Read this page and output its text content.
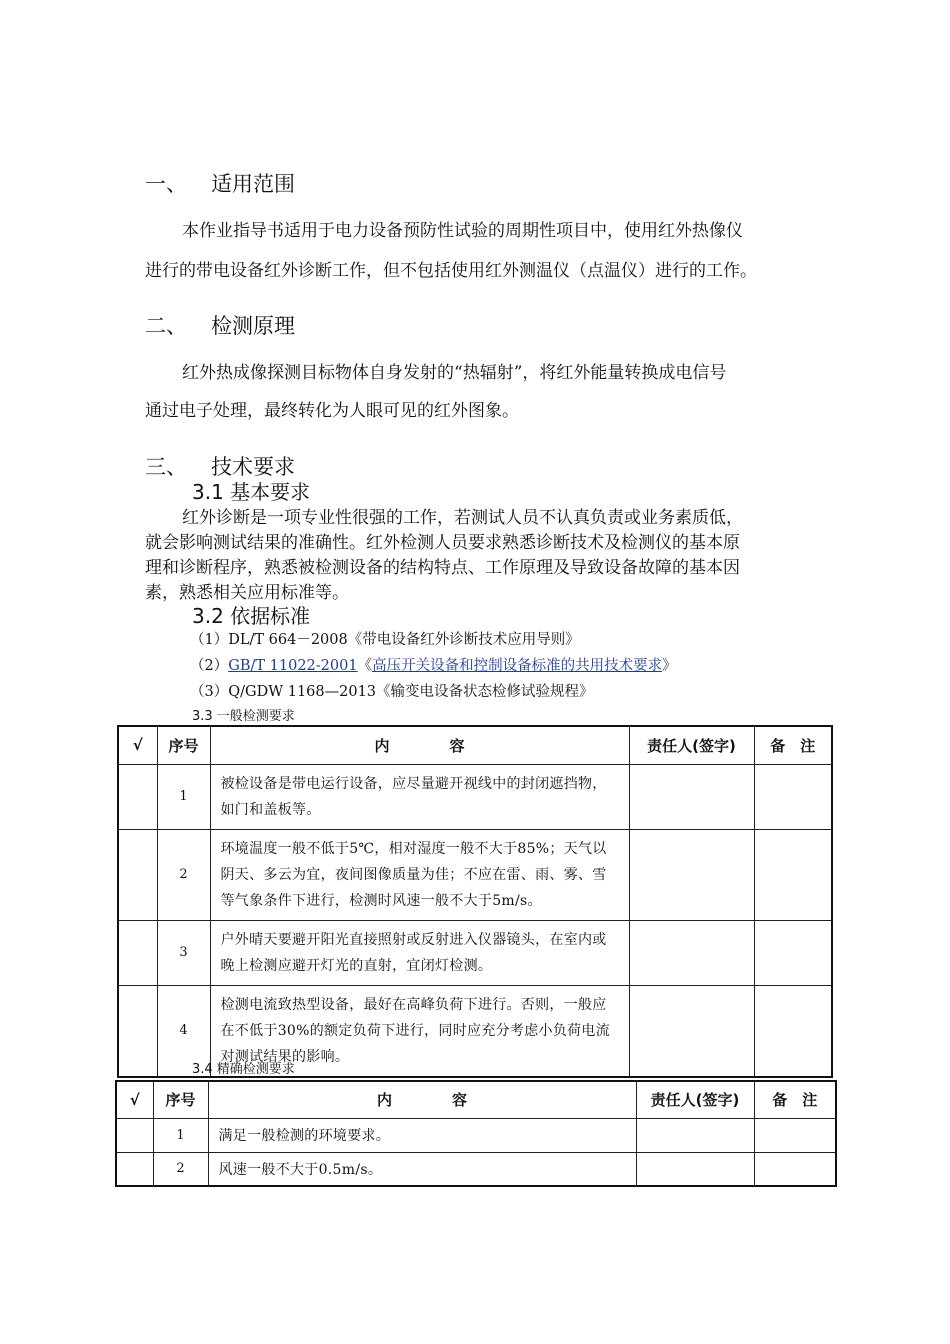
一、 适用范围
本作业指导书适用于电力设备预防性试验的周期性项目中，使用红外热像仪
进行的带电设备红外诊断工作，但不包括使用红外测温仪（点温仪）进行的工作。
二、 检测原理
红外热成像探测目标物体自身发射的“热辐射”，将红外能量转换成电信号
通过电子处理，最终转化为人眼可见的红外图象。
三、 技术要求
3.1 基本要求
红外诊断是一项专业性很强的工作，若测试人员不认真负责或业务素质低，
就会影响测试结果的准确性。红外检测人员要求熟悉诊断技术及检测仪的基本原
理和诊断程序，熟悉被检测设备的结构特点、工作原理及导致设备故障的基本因
素，熟悉相关应用标准等。
3.2 依据标准
（1）DL/T 664－2008《带电设备红外诊断技术应用导则》
（2）GB/T 11022-2001《高压开关设备和控制设备标准的共用技术要求》
（3）Q/GDW 1168—2013《输变电设备状态检修试验规程》
3.3 一般检测要求
√	序号	内　　　　容	责任人(签字)	备　注
	1	被检设备是带电运行设备，应尽量避开视线中的封闭遮挡物，如门和盖板等。		
	2	环境温度一般不低于5℃，相对湿度一般不大于85%；天气以阴天、多云为宜，夜间图像质量为佳；不应在雷、雨、雾、雪等气象条件下进行，检测时风速一般不大于5m/s。		
	3	户外晴天要避开阳光直接照射或反射进入仪器镜头，在室内或晚上检测应避开灯光的直射，宜闭灯检测。		
	4	检测电流致热型设备，最好在高峰负荷下进行。否则，一般应在不低于30%的额定负荷下进行，同时应充分考虑小负荷电流对测试结果的影响。		
3.4 精确检测要求
√	序号	内　　　　容	责任人(签字)	备　注
	1	满足一般检测的环境要求。		
	2	风速一般不大于0.5m/s。		
